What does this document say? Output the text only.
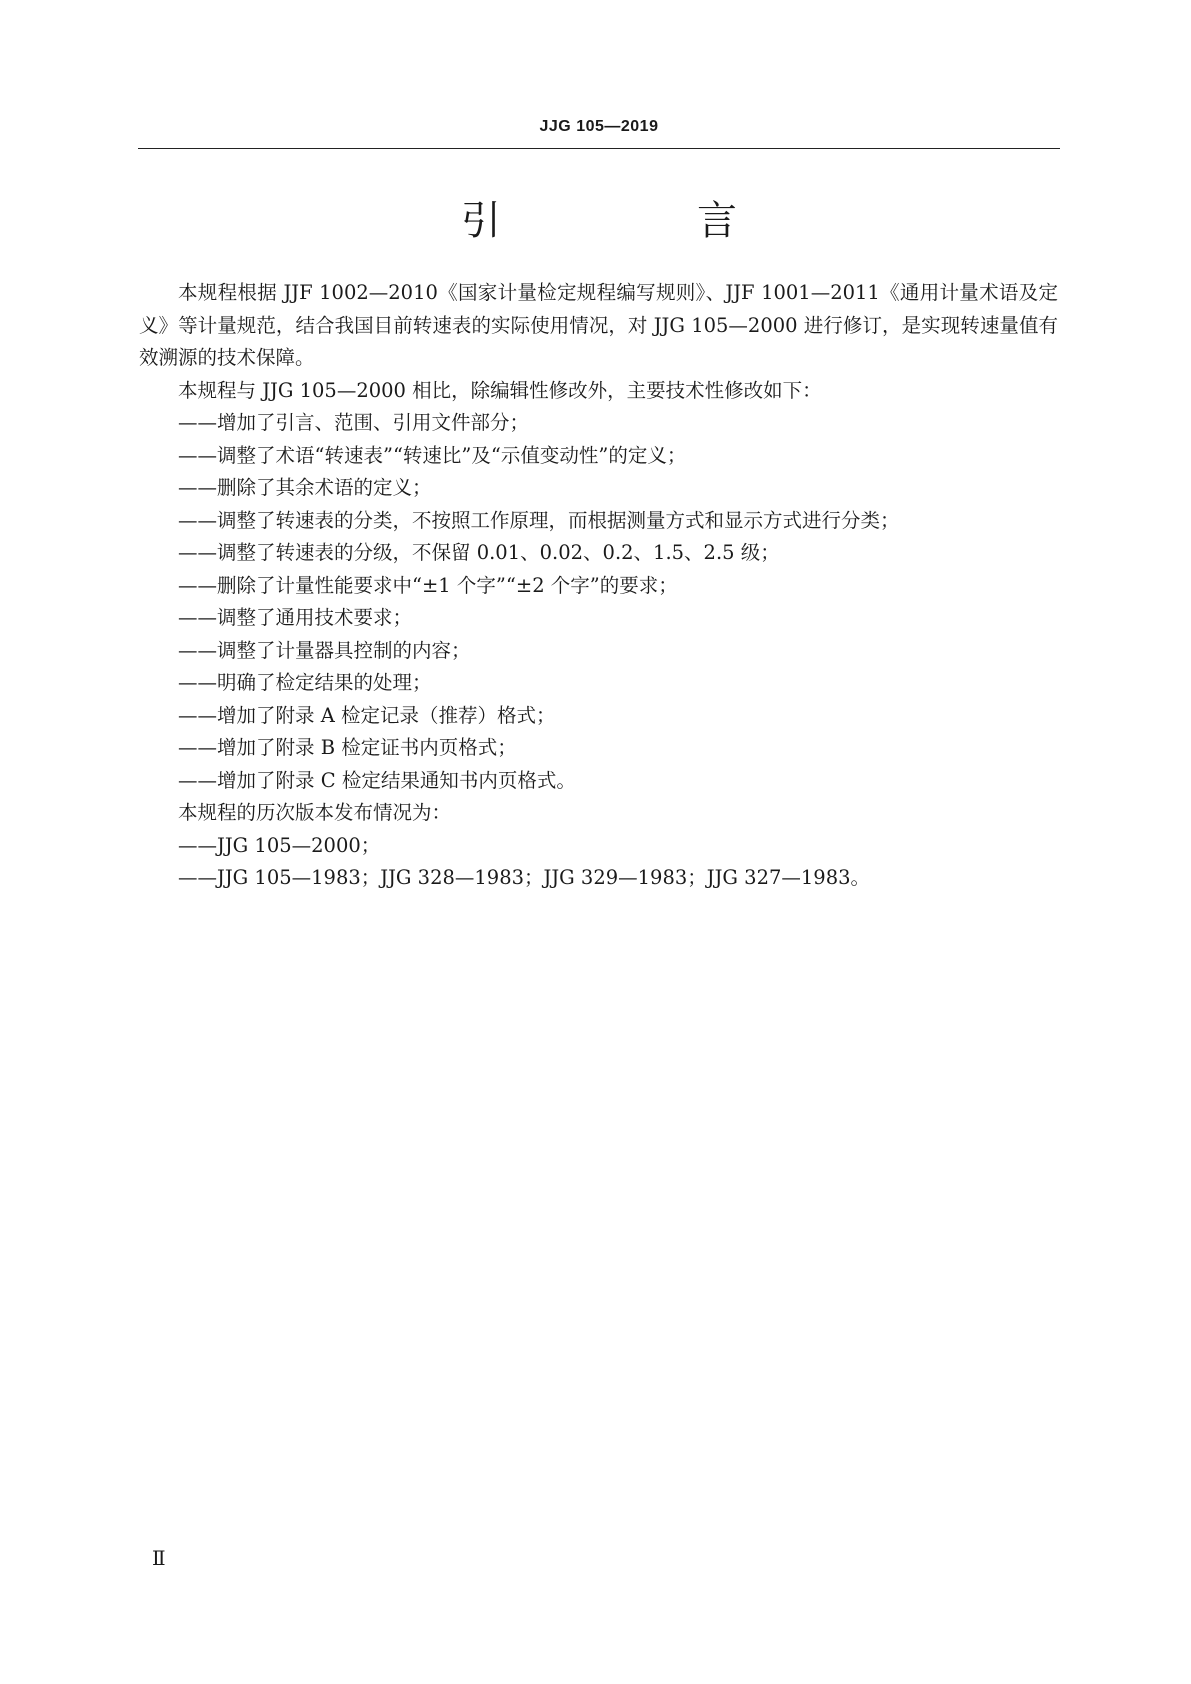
JJG 105—2019
引　言

本规程根据 JJF 1002—2010《国家计量检定规程编写规则》、JJF 1001—2011《通用计量术语及定义》等计量规范，结合我国目前转速表的实际使用情况，对 JJG 105—2000 进行修订，是实现转速量值有效溯源的技术保障。

本规程与 JJG 105—2000 相比，除编辑性修改外，主要技术性修改如下：

——增加了引言、范围、引用文件部分；

——调整了术语“转速表”“转速比”及“示值变动性”的定义；

——删除了其余术语的定义；

——调整了转速表的分类，不按照工作原理，而根据测量方式和显示方式进行分类；

——调整了转速表的分级，不保留 0.01、0.02、0.2、1.5、2.5 级；

——删除了计量性能要求中“±1 个字”“±2 个字”的要求；

——调整了通用技术要求；

——调整了计量器具控制的内容；

——明确了检定结果的处理；

——增加了附录 A 检定记录（推荐）格式；

——增加了附录 B 检定证书内页格式；

——增加了附录 C 检定结果通知书内页格式。

本规程的历次版本发布情况为：

——JJG 105—2000；

——JJG 105—1983；JJG 328—1983；JJG 329—1983；JJG 327—1983。

Ⅱ
